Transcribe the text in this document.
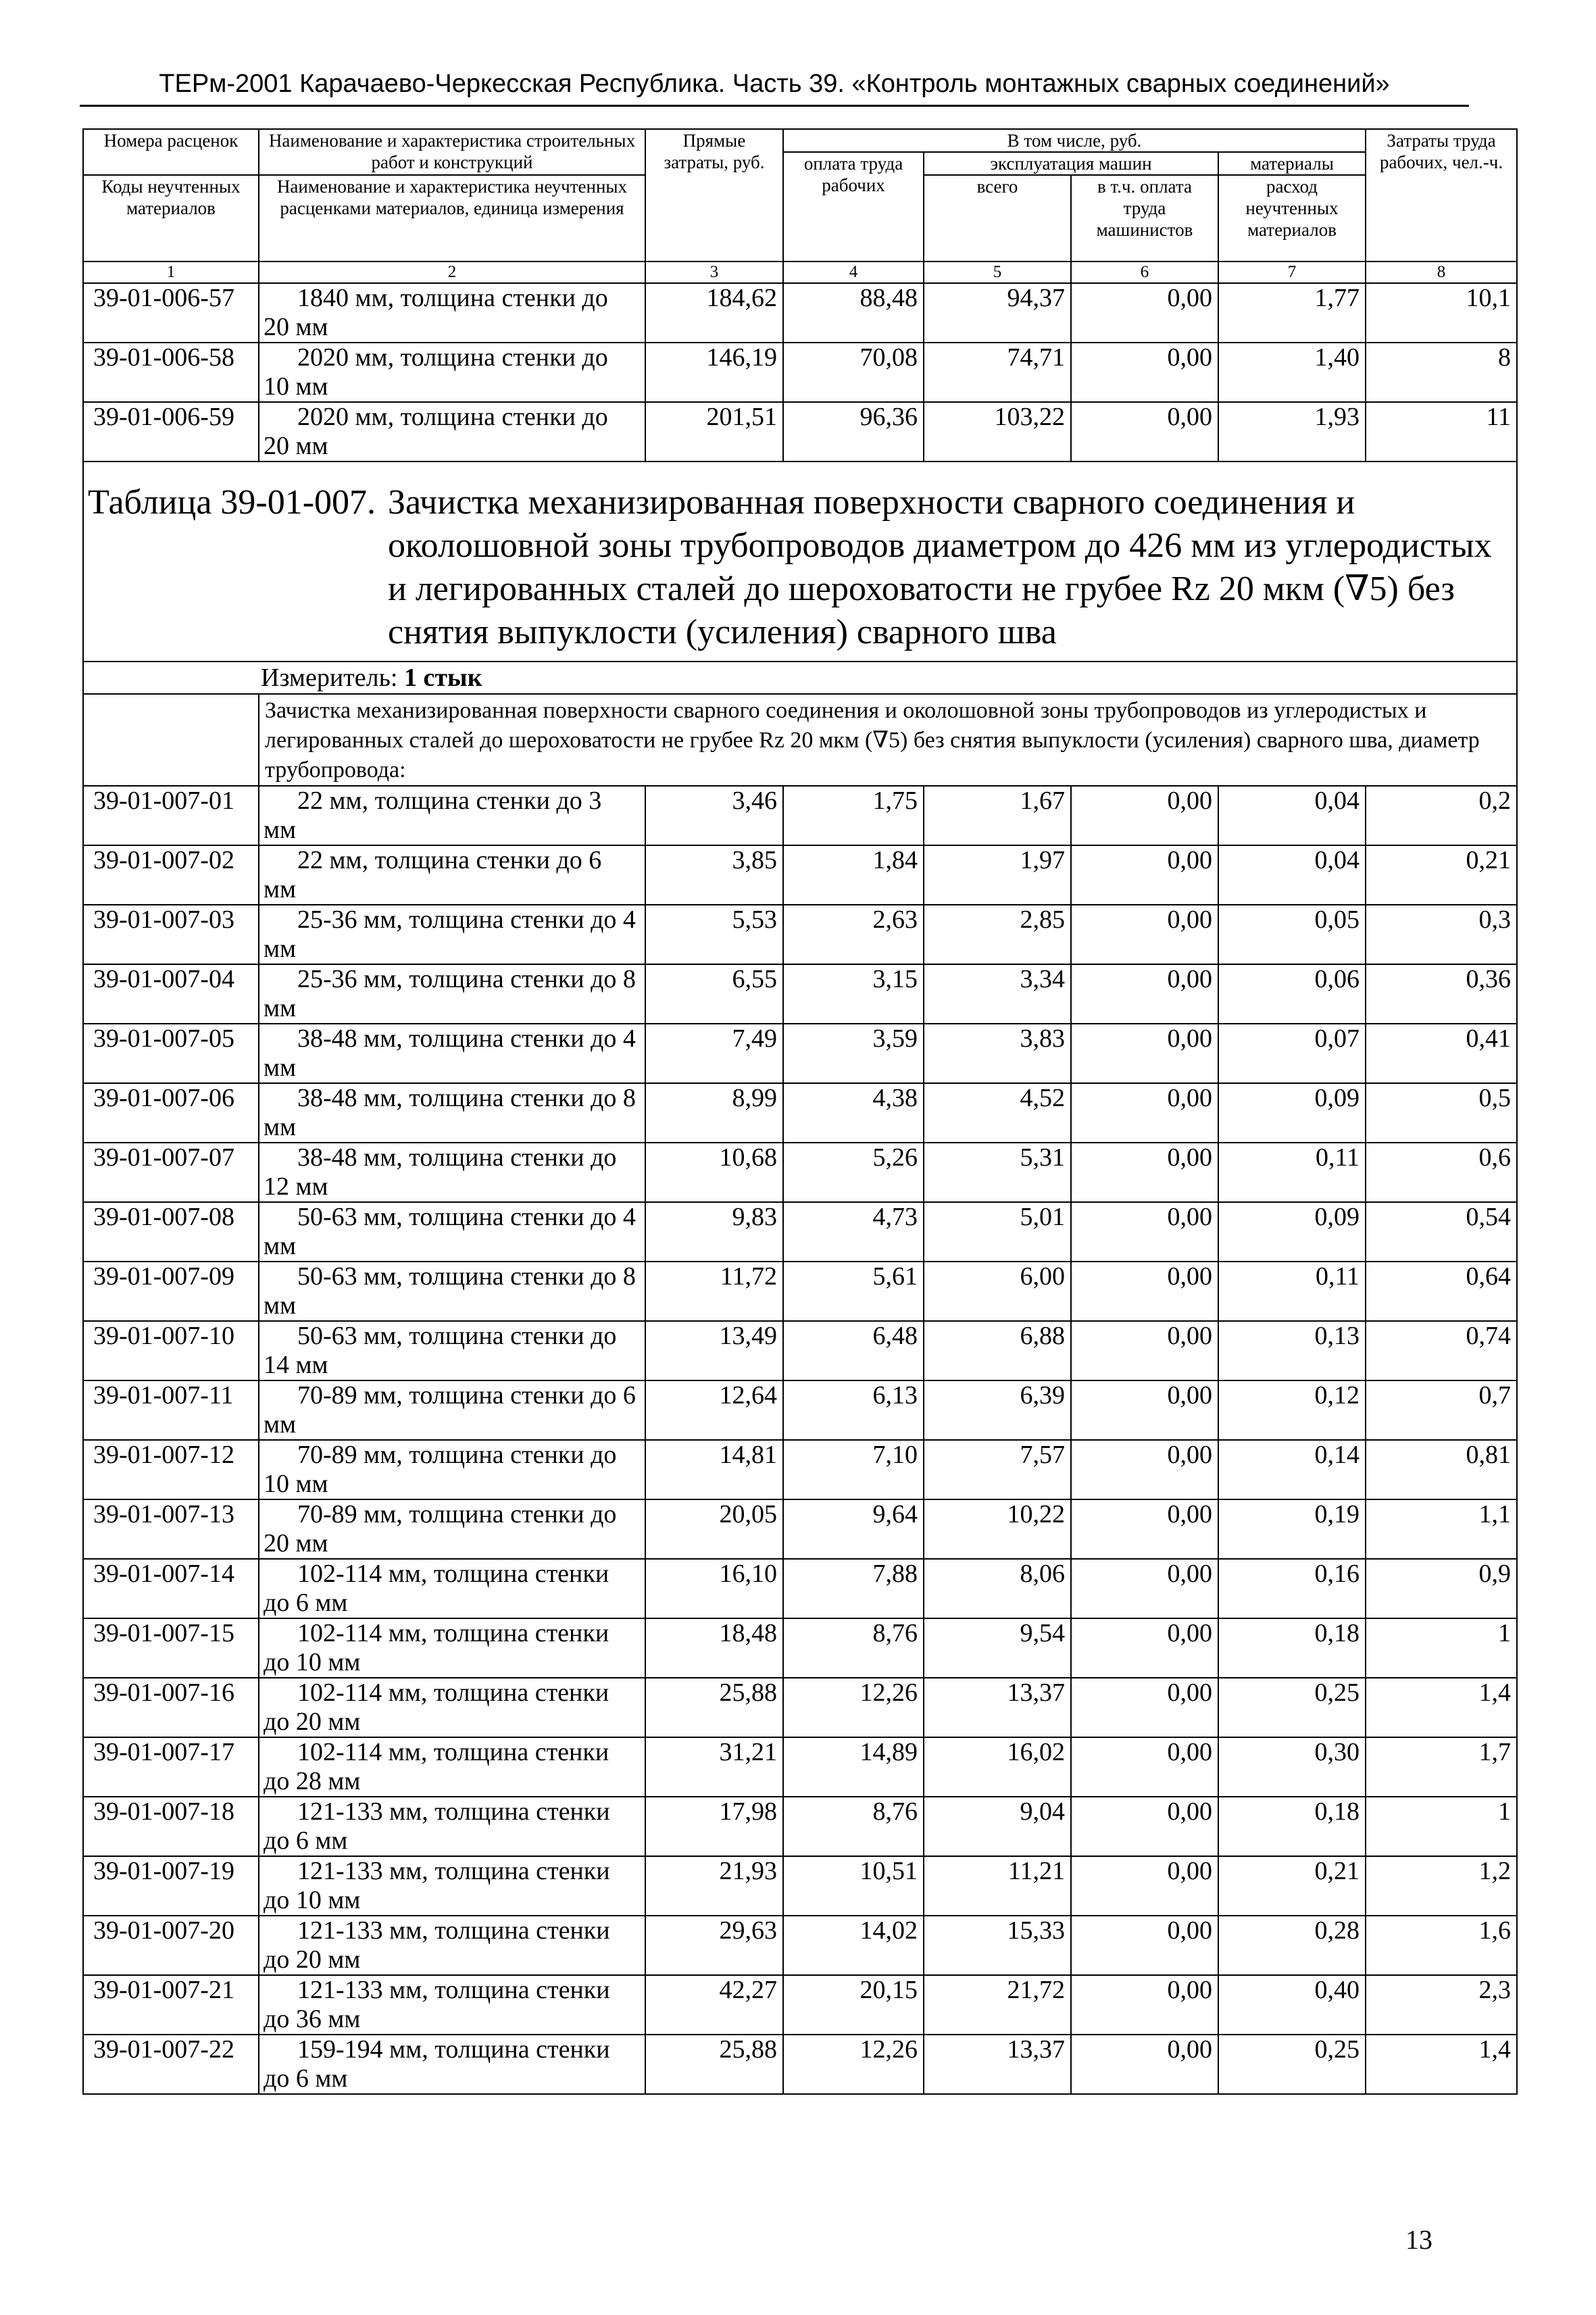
ТЕРм-2001 Карачаево-Черкесская Республика. Часть 39. «Контроль монтажных сварных соединений»
Номера расценок	Наименование и характеристика строительных работ и конструкций	Прямые затраты, руб.	В том числе, руб.				Затраты труда рабочих, чел.-ч.
			оплата труда рабочих	эксплуатация машин		материалы	
Коды неучтенных материалов	Наименование и характеристика неучтенных расценками материалов, единица измерения			всего	в т.ч. оплата труда машинистов	расход неучтенных материалов	

1	2	3	4	5	6	7	8
39-01-006-57	1840 мм, толщина стенки до
20 мм	184,62	88,48	94,37	0,00	1,77	10,1
39-01-006-58	2020 мм, толщина стенки до
10 мм	146,19	70,08	74,71	0,00	1,40	8
39-01-006-59	2020 мм, толщина стенки до
20 мм	201,51	96,36	103,22	0,00	1,93	11
Таблица 39-01-007. Зачистка механизированная поверхности сварного соединения и околошовной зоны трубопроводов диаметром до 426 мм из углеродистых и легированных сталей до шероховатости не грубее Rz 20 мкм (∇5) без снятия выпуклости (усиления) сварного шва							

Измеритель: 1 стык							
	Зачистка механизированная поверхности сварного соединения и околошовной зоны трубопроводов из углеродистых и легированных сталей до шероховатости не грубее Rz 20 мкм (∇5) без снятия выпуклости (усиления) сварного шва, диаметр трубопровода:						
39-01-007-01	22 мм, толщина стенки до 3
мм	3,46	1,75	1,67	0,00	0,04	0,2
39-01-007-02	22 мм, толщина стенки до 6
мм	3,85	1,84	1,97	0,00	0,04	0,21
39-01-007-03	25-36 мм, толщина стенки до 4
мм	5,53	2,63	2,85	0,00	0,05	0,3
39-01-007-04	25-36 мм, толщина стенки до 8
мм	6,55	3,15	3,34	0,00	0,06	0,36
39-01-007-05	38-48 мм, толщина стенки до 4
мм	7,49	3,59	3,83	0,00	0,07	0,41
39-01-007-06	38-48 мм, толщина стенки до 8
мм	8,99	4,38	4,52	0,00	0,09	0,5
39-01-007-07	38-48 мм, толщина стенки до
12 мм	10,68	5,26	5,31	0,00	0,11	0,6
39-01-007-08	50-63 мм, толщина стенки до 4
мм	9,83	4,73	5,01	0,00	0,09	0,54
39-01-007-09	50-63 мм, толщина стенки до 8
мм	11,72	5,61	6,00	0,00	0,11	0,64
39-01-007-10	50-63 мм, толщина стенки до
14 мм	13,49	6,48	6,88	0,00	0,13	0,74
39-01-007-11	70-89 мм, толщина стенки до 6
мм	12,64	6,13	6,39	0,00	0,12	0,7
39-01-007-12	70-89 мм, толщина стенки до
10 мм	14,81	7,10	7,57	0,00	0,14	0,81
39-01-007-13	70-89 мм, толщина стенки до
20 мм	20,05	9,64	10,22	0,00	0,19	1,1
39-01-007-14	102-114 мм, толщина стенки
до 6 мм	16,10	7,88	8,06	0,00	0,16	0,9
39-01-007-15	102-114 мм, толщина стенки
до 10 мм	18,48	8,76	9,54	0,00	0,18	1
39-01-007-16	102-114 мм, толщина стенки
до 20 мм	25,88	12,26	13,37	0,00	0,25	1,4
39-01-007-17	102-114 мм, толщина стенки
до 28 мм	31,21	14,89	16,02	0,00	0,30	1,7
39-01-007-18	121-133 мм, толщина стенки
до 6 мм	17,98	8,76	9,04	0,00	0,18	1
39-01-007-19	121-133 мм, толщина стенки
до 10 мм	21,93	10,51	11,21	0,00	0,21	1,2
39-01-007-20	121-133 мм, толщина стенки
до 20 мм	29,63	14,02	15,33	0,00	0,28	1,6
39-01-007-21	121-133 мм, толщина стенки
до 36 мм	42,27	20,15	21,72	0,00	0,40	2,3
39-01-007-22	159-194 мм, толщина стенки
до 6 мм	25,88	12,26	13,37	0,00	0,25	1,4
13
